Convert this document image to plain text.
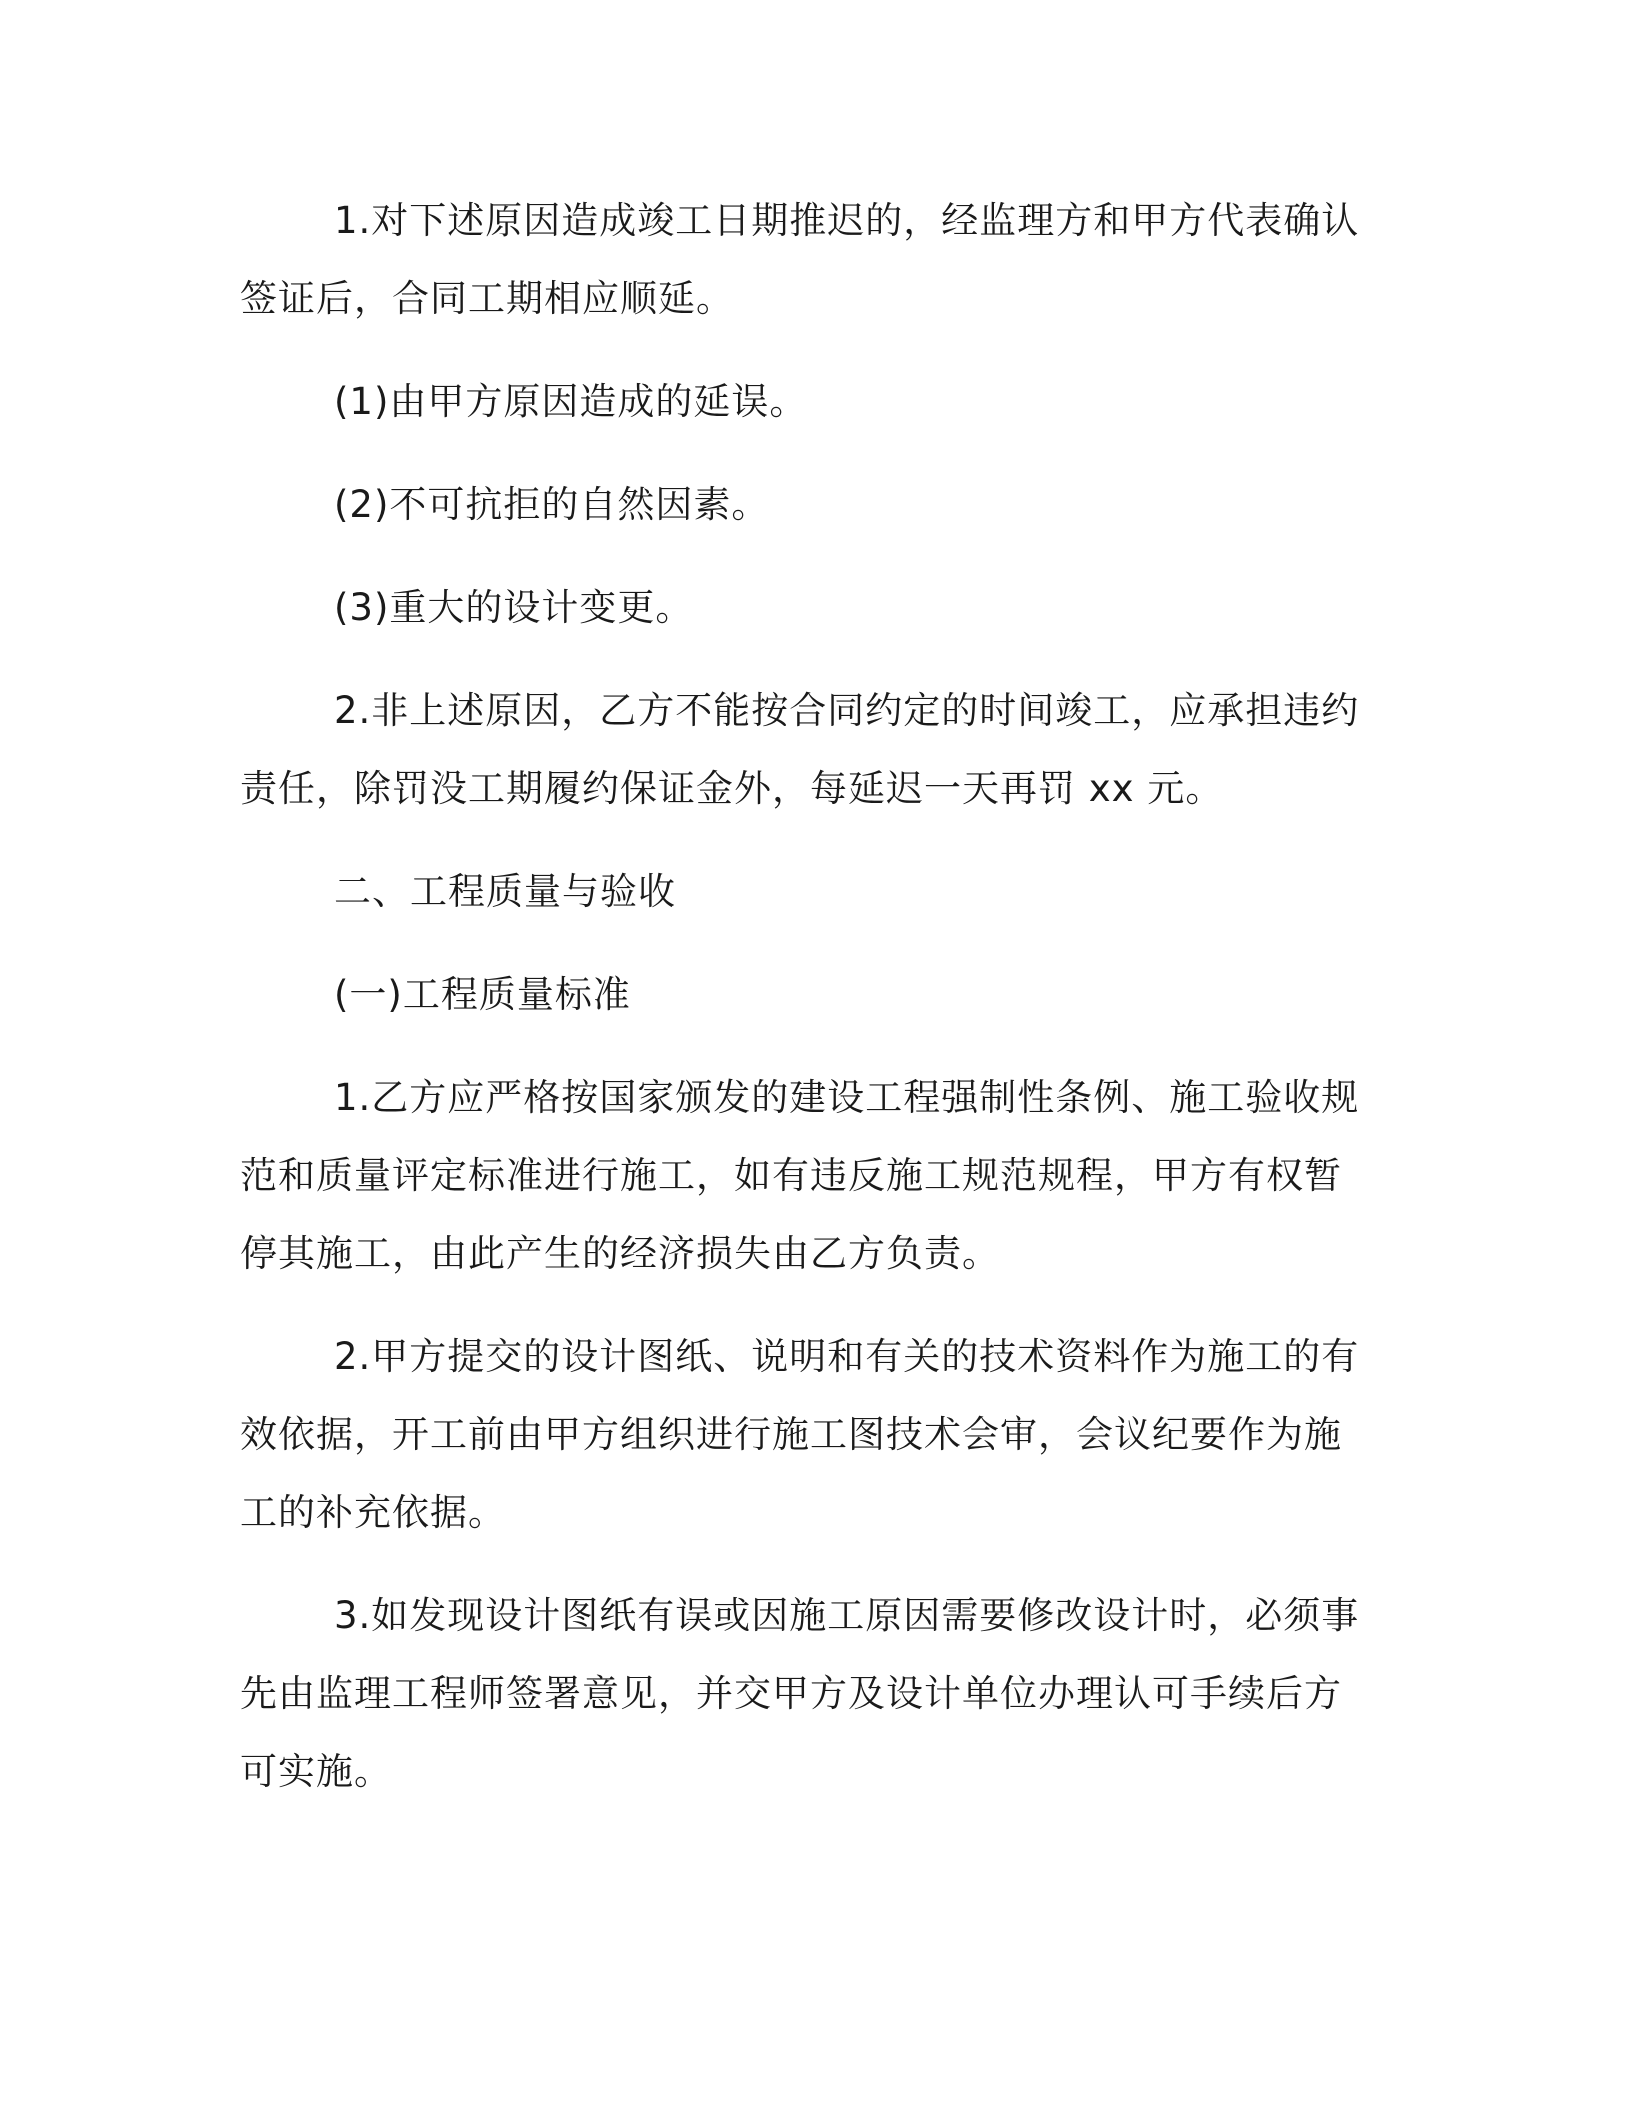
1.对下述原因造成竣工日期推迟的，经监理方和甲方代表确认签证后，合同工期相应顺延。

(1)由甲方原因造成的延误。

(2)不可抗拒的自然因素。

(3)重大的设计变更。

2.非上述原因，乙方不能按合同约定的时间竣工，应承担违约责任，除罚没工期履约保证金外，每延迟一天再罚 xx 元。

二、工程质量与验收

(一)工程质量标准

1.乙方应严格按国家颁发的建设工程强制性条例、施工验收规范和质量评定标准进行施工，如有违反施工规范规程，甲方有权暂停其施工，由此产生的经济损失由乙方负责。

2.甲方提交的设计图纸、说明和有关的技术资料作为施工的有效依据，开工前由甲方组织进行施工图技术会审，会议纪要作为施工的补充依据。

3.如发现设计图纸有误或因施工原因需要修改设计时，必须事先由监理工程师签署意见，并交甲方及设计单位办理认可手续后方可实施。
